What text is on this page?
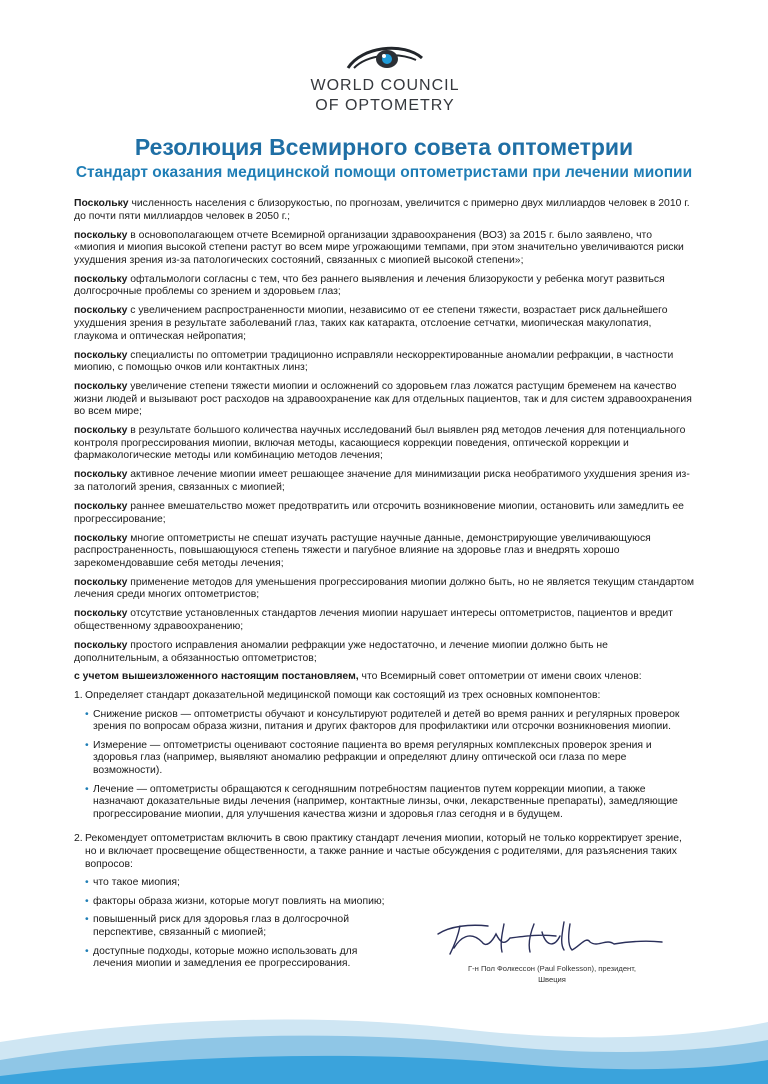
WORLD COUNCIL
OF OPTOMETRY
Резолюция Всемирного совета оптометрии
Стандарт оказания медицинской помощи оптометристами при лечении миопии

Поскольку численность населения с близорукостью, по прогнозам, увеличится с примерно двух миллиардов человек в 2010 г. до почти пяти миллиардов человек в 2050 г.;

поскольку в основополагающем отчете Всемирной организации здравоохранения (ВОЗ) за 2015 г. было заявлено, что «миопия и миопия высокой степени растут во всем мире угрожающими темпами, при этом значительно увеличиваются риски ухудшения зрения из-за патологических состояний, связанных с миопией высокой степени»;

поскольку офтальмологи согласны с тем, что без раннего выявления и лечения близорукости у ребенка могут развиться долгосрочные проблемы со зрением и здоровьем глаз;

поскольку с увеличением распространенности миопии, независимо от ее степени тяжести, возрастает риск дальнейшего ухудшения зрения в результате заболеваний глаз, таких как катаракта, отслоение сетчатки, миопическая макулопатия, глаукома и оптическая нейропатия;

поскольку специалисты по оптометрии традиционно исправляли нескорректированные аномалии рефракции, в частности миопию, с помощью очков или контактных линз;

поскольку увеличение степени тяжести миопии и осложнений со здоровьем глаз ложатся растущим бременем на качество жизни людей и вызывают рост расходов на здравоохранение как для отдельных пациентов, так и для систем здравоохранения во всем мире;

поскольку в результате большого количества научных исследований был выявлен ряд методов лечения для потенциального контроля прогрессирования миопии, включая методы, касающиеся коррекции поведения, оптической коррекции и фармакологические методы или комбинацию методов лечения;

поскольку активное лечение миопии имеет решающее значение для минимизации риска необратимого ухудшения зрения из-за патологий зрения, связанных с миопией;

поскольку раннее вмешательство может предотвратить или отсрочить возникновение миопии, остановить или замедлить ее прогрессирование;

поскольку многие оптометристы не спешат изучать растущие научные данные, демонстрирующие увеличивающуюся распространенность, повышающуюся степень тяжести и пагубное влияние на здоровье глаз и внедрять хорошо зарекомендовавшие себя методы лечения;

поскольку применение методов для уменьшения прогрессирования миопии должно быть, но не является текущим стандартом лечения среди многих оптометристов;

поскольку отсутствие установленных стандартов лечения миопии нарушает интересы оптометристов, пациентов и вредит общественному здравоохранению;

поскольку простого исправления аномалии рефракции уже недостаточно, и лечение миопии должно быть не дополнительным, а обязанностью оптометристов;

с учетом вышеизложенного настоящим постановляем, что Всемирный совет оптометрии от имени своих членов:

1. Определяет стандарт доказательной медицинской помощи как состоящий из трех основных компонентов:
• Снижение рисков — оптометристы обучают и консультируют родителей и детей во время ранних и регулярных проверок зрения по вопросам образа жизни, питания и других факторов для профилактики или отсрочки возникновения миопии.
• Измерение — оптометристы оценивают состояние пациента во время регулярных комплексных проверок зрения и здоровья глаз (например, выявляют аномалию рефракции и определяют длину оптической оси глаза по мере возможности).
• Лечение — оптометристы обращаются к сегодняшним потребностям пациентов путем коррекции миопии, а также назначают доказательные виды лечения (например, контактные линзы, очки, лекарственные препараты), замедляющие прогрессирование миопии, для улучшения качества жизни и здоровья глаз сегодня и в будущем.
2. Рекомендует оптометристам включить в свою практику стандарт лечения миопии, который не только корректирует зрение, но и включает просвещение общественности, а также ранние и частые обсуждения с родителями, для разъяснения таких вопросов:
• что такое миопия;
• факторы образа жизни, которые могут повлиять на миопию;
• повышенный риск для здоровья глаз в долгосрочной перспективе, связанный с миопией;
• доступные подходы, которые можно использовать для лечения миопии и замедления ее прогрессирования.	Г-н Пол Фолкессон (Paul Folkesson), президент,
Швеция
